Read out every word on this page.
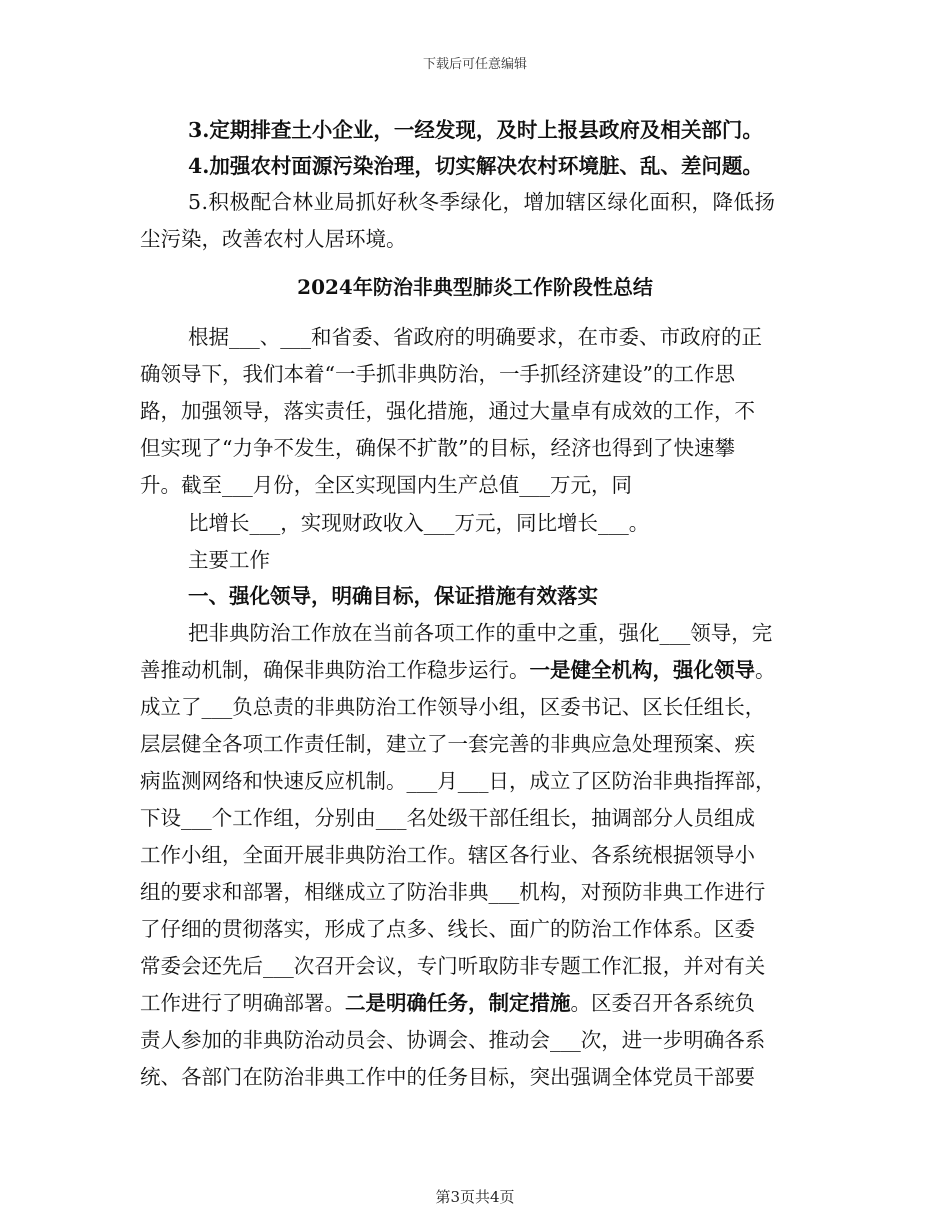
下载后可任意编辑
3.定期排查土小企业，一经发现，及时上报县政府及相关部门。
4.加强农村面源污染治理，切实解决农村环境脏、乱、差问题。
5.积极配合林业局抓好秋冬季绿化，增加辖区绿化面积，降低扬
尘污染，改善农村人居环境。
2024年防治非典型肺炎工作阶段性总结
根据___、___和省委、省政府的明确要求，在市委、市政府的正
确领导下，我们本着“一手抓非典防治，一手抓经济建设”的工作思
路，加强领导，落实责任，强化措施，通过大量卓有成效的工作，不
但实现了“力争不发生，确保不扩散”的目标，经济也得到了快速攀
升。截至___月份，全区实现国内生产总值___万元，同
比增长___，实现财政收入___万元，同比增长___。
主要工作
一、强化领导，明确目标，保证措施有效落实
把非典防治工作放在当前各项工作的重中之重，强化___领导，完
善推动机制，确保非典防治工作稳步运行。一是健全机构，强化领导。
成立了___负总责的非典防治工作领导小组，区委书记、区长任组长，
层层健全各项工作责任制，建立了一套完善的非典应急处理预案、疾
病监测网络和快速反应机制。___月___日，成立了区防治非典指挥部，
下设___个工作组，分别由___名处级干部任组长，抽调部分人员组成
工作小组，全面开展非典防治工作。辖区各行业、各系统根据领导小
组的要求和部署，相继成立了防治非典___机构，对预防非典工作进行
了仔细的贯彻落实，形成了点多、线长、面广的防治工作体系。区委
常委会还先后___次召开会议，专门听取防非专题工作汇报，并对有关
工作进行了明确部署。二是明确任务，制定措施。区委召开各系统负
责人参加的非典防治动员会、协调会、推动会___次，进一步明确各系
统、各部门在防治非典工作中的任务目标，突出强调全体党员干部要
第3页共4页
